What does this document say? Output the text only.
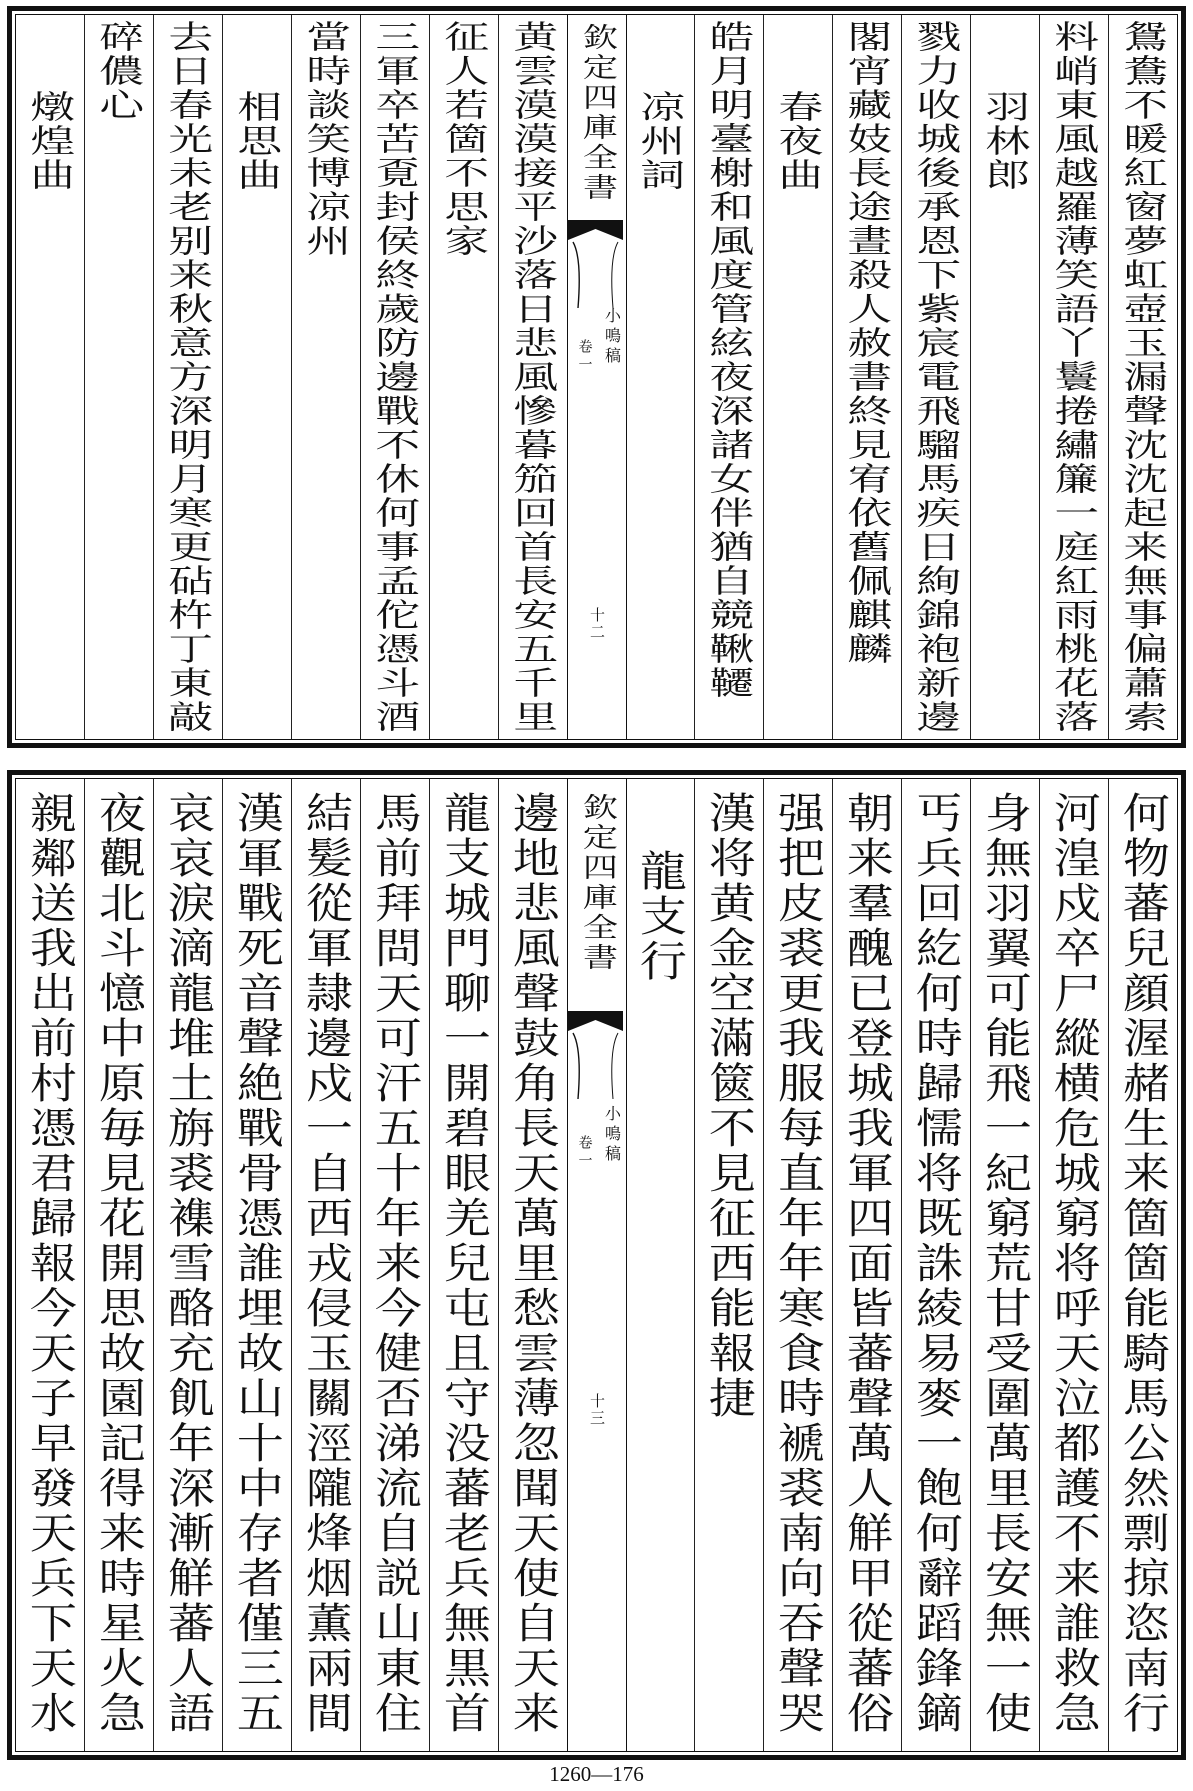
鴛鴦不暖紅窗夢虹壺玉漏聲沈沈起来無事偏蕭索
料峭東風越羅薄笑語丫鬟捲繡簾一庭紅雨桃花落
羽林郎
戮力收城後承恩下紫宸電飛騮馬疾日絢錦袍新邊
閣宵藏妓長途晝殺人赦書終見宥依舊佩麒麟
春夜曲
皓月明臺榭和風度管絃夜深諸女伴猶自競鞦韆
凉州詞
欽定四庫全書
小鳴稿
卷一
十二
黄雲漠漠接平沙落日悲風慘暮笳回首長安五千里
征人若箇不思家
三軍卒苦覔封侯終歲防邊戰不休何事孟佗憑斗酒
當時談笑博凉州
相思曲
去日春光未老别来秋意方深明月寒更砧杵丁東敲
碎儂心
燉煌曲
何物蕃兒顔渥赭生来箇箇能騎馬公然剽掠恣南行
河湟戍卒尸縱横危城窮将呼天泣都護不来誰救急
身無羽翼可能飛一紀窮荒甘受圍萬里長安無一使
丐兵回紇何時歸懦将既誅綾易麥一飽何辭蹈鋒鏑
朝来羣醜已登城我軍四面皆蕃聲萬人觧甲從蕃俗
强把皮裘更我服每直年年寒食時褫裘南向吞聲哭
漢将黄金空滿篋不見征西能報捷
龍支行
欽定四庫全書
小鳴稿
卷一
十三
邊地悲風聲鼓角長天萬里愁雲薄忽聞天使自天来
龍支城門聊一開碧眼羌兒屯且守没蕃老兵無黒首
馬前拜問天可汗五十年来今健否涕流自説山東住
結髪從軍隷邊戍一自西戎侵玉關涇隴烽烟薫兩間
漢軍戰死音聲絶戰骨憑誰埋故山十中存者僅三五
哀哀淚滴龍堆土旃裘襍雪酪充飢年深漸觧蕃人語
夜觀北斗憶中原毎見花開思故園記得来時星火急
親鄰送我出前村憑君歸報今天子早發天兵下天水
1260—176
